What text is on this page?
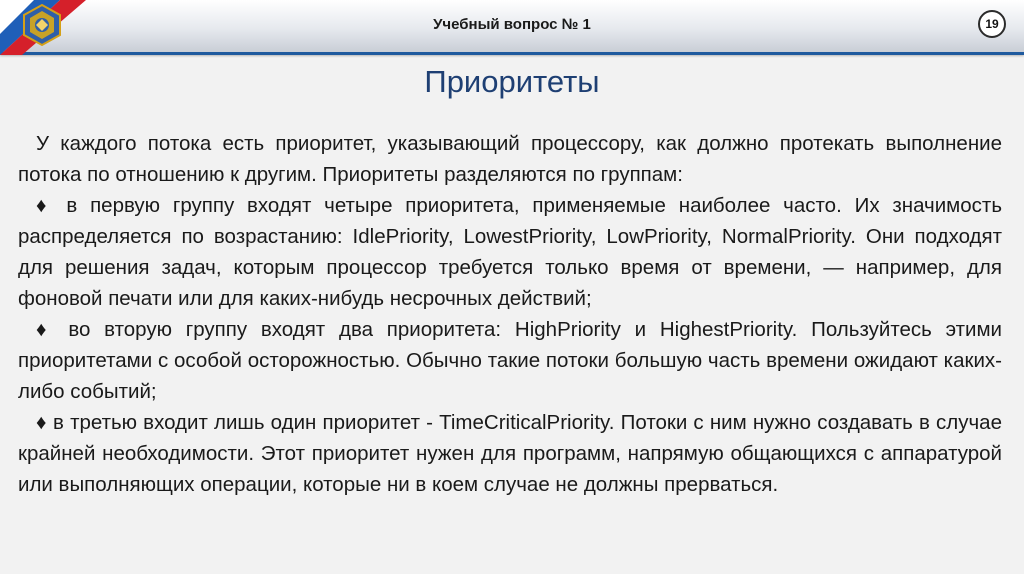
Учебный вопрос № 1	19
Приоритеты

У каждого потока есть приоритет, указывающий процессору, как должно протекать выполнение потока по отношению к другим. Приоритеты разделяются по группам:

♦ в первую группу входят четыре приоритета, применяемые наиболее часто. Их значимость распределяется по возрастанию: IdlePriority, LowestPriority, LowPriority, NormalPriority. Они подходят для решения задач, которым процессор требуется только время от времени, — например, для фоновой печати или для каких-нибудь несрочных действий;

♦ во вторую группу входят два приоритета: HighPriority и HighestPriority. Пользуйтесь этими приоритетами с особой осторожностью. Обычно такие потоки большую часть времени ожидают каких-либо событий;

♦ в третью входит лишь один приоритет - TimeCriticalPriority. Потоки с ним нужно создавать в случае крайней необходимости. Этот приоритет нужен для программ, напрямую общающихся с аппаратурой или выполняющих операции, которые ни в коем случае не должны прерваться.
